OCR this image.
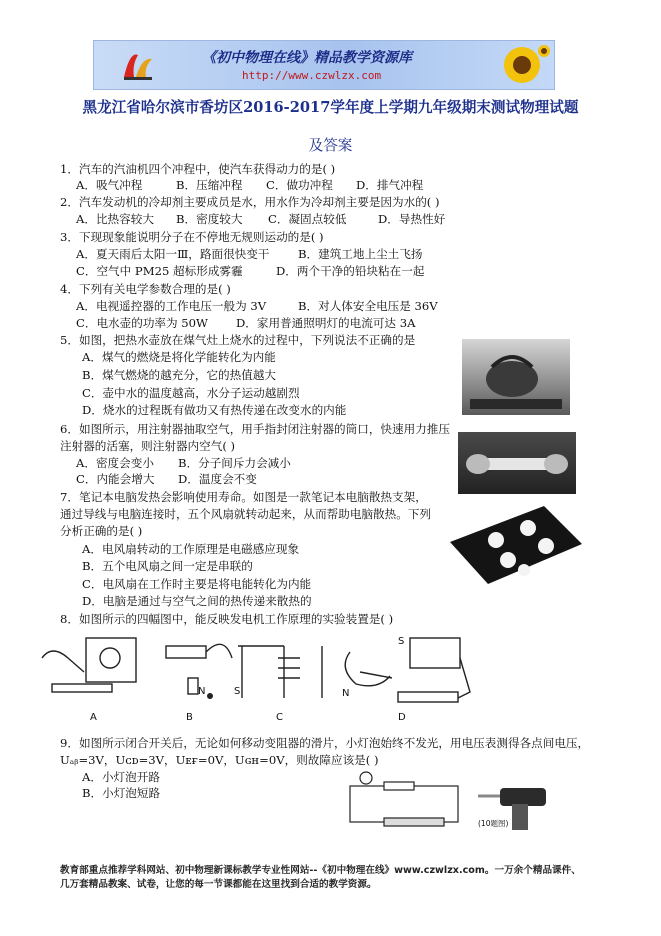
《初中物理在线》精品教学资源库
http://www.czwlzx.com
黑龙江省哈尔滨市香坊区2016-2017学年度上学期九年级期末测试物理试题
及答案
1．汽车的汽油机四个冲程中，使汽车获得动力的是( )
A．吸气冲程	B．压缩冲程 C．做功冲程 D．排气冲程
2．汽车发动机的冷却剂主要成员是水，用水作为冷却剂主要是因为水的( )
A．比热容较大 B．密度较大 C．凝固点较低	D．导热性好
3．下现现象能说明分子在不停地无规则运动的是( )
A．夏天雨后太阳一Ⅲ，路面很快变干 B．建筑工地上尘土飞扬
C．空气中 PM25 超标形成雾霾	D．两个干净的铅块粘在一起
4．下列有关电学参数合理的是( )
A．电视遥控器的工作电压一般为 3V	B．对人体安全电压是 36V
C．电水壶的功率为 50W D．家用普通照明灯的电流可达 3A
5．如图，把热水壶放在煤气灶上烧水的过程中，下列说法不正确的是
A．煤气的燃烧是将化学能转化为内能
B．煤气燃烧的越充分，它的热值越大
C．壶中水的温度越高，水分子运动越剧烈
D．烧水的过程既有做功又有热传递在改变水的内能
6．如图所示，用注射器抽取空气，用手指封闭注射器的筒口，快速用力推压
注射器的活塞，则注射器内空气( )
A．密度会变小 B．分子间斥力会减小
C．内能会增大 D．温度会不变
7．笔记本电脑发热会影响使用寿命。如图是一款笔记本电脑散热支架，
通过导线与电脑连接时，五个风扇就转动起来，从而帮助电脑散热。下列
分析正确的是( )
A．电风扇转动的工作原理是电磁感应现象
B．五个电风扇之间一定是串联的
C．电风扇在工作时主要是将电能转化为内能
D．电脑是通过与空气之间的热传递来散热的
8．如图所示的四幅图中，能反映发电机工作原理的实验装置是( )
N	S
S
N
A	B	C	D
9．如图所示闭合开关后，无论如何移动变阻器的滑片，小灯泡始终不发光，用电压表测得各点间电压，
Uₐᵦ=3V，Uᴄᴅ=3V，Uᴇғ=0V，Uɢʜ=0V，则故障应该是( )
A．小灯泡开路
B．小灯泡短路
(10题图)
教育部重点推荐学科网站、初中物理新课标教学专业性网站--《初中物理在线》www.czwlzx.com。一万余个精品课件、
几万套精品教案、试卷，让您的每一节课都能在这里找到合适的教学资源。
